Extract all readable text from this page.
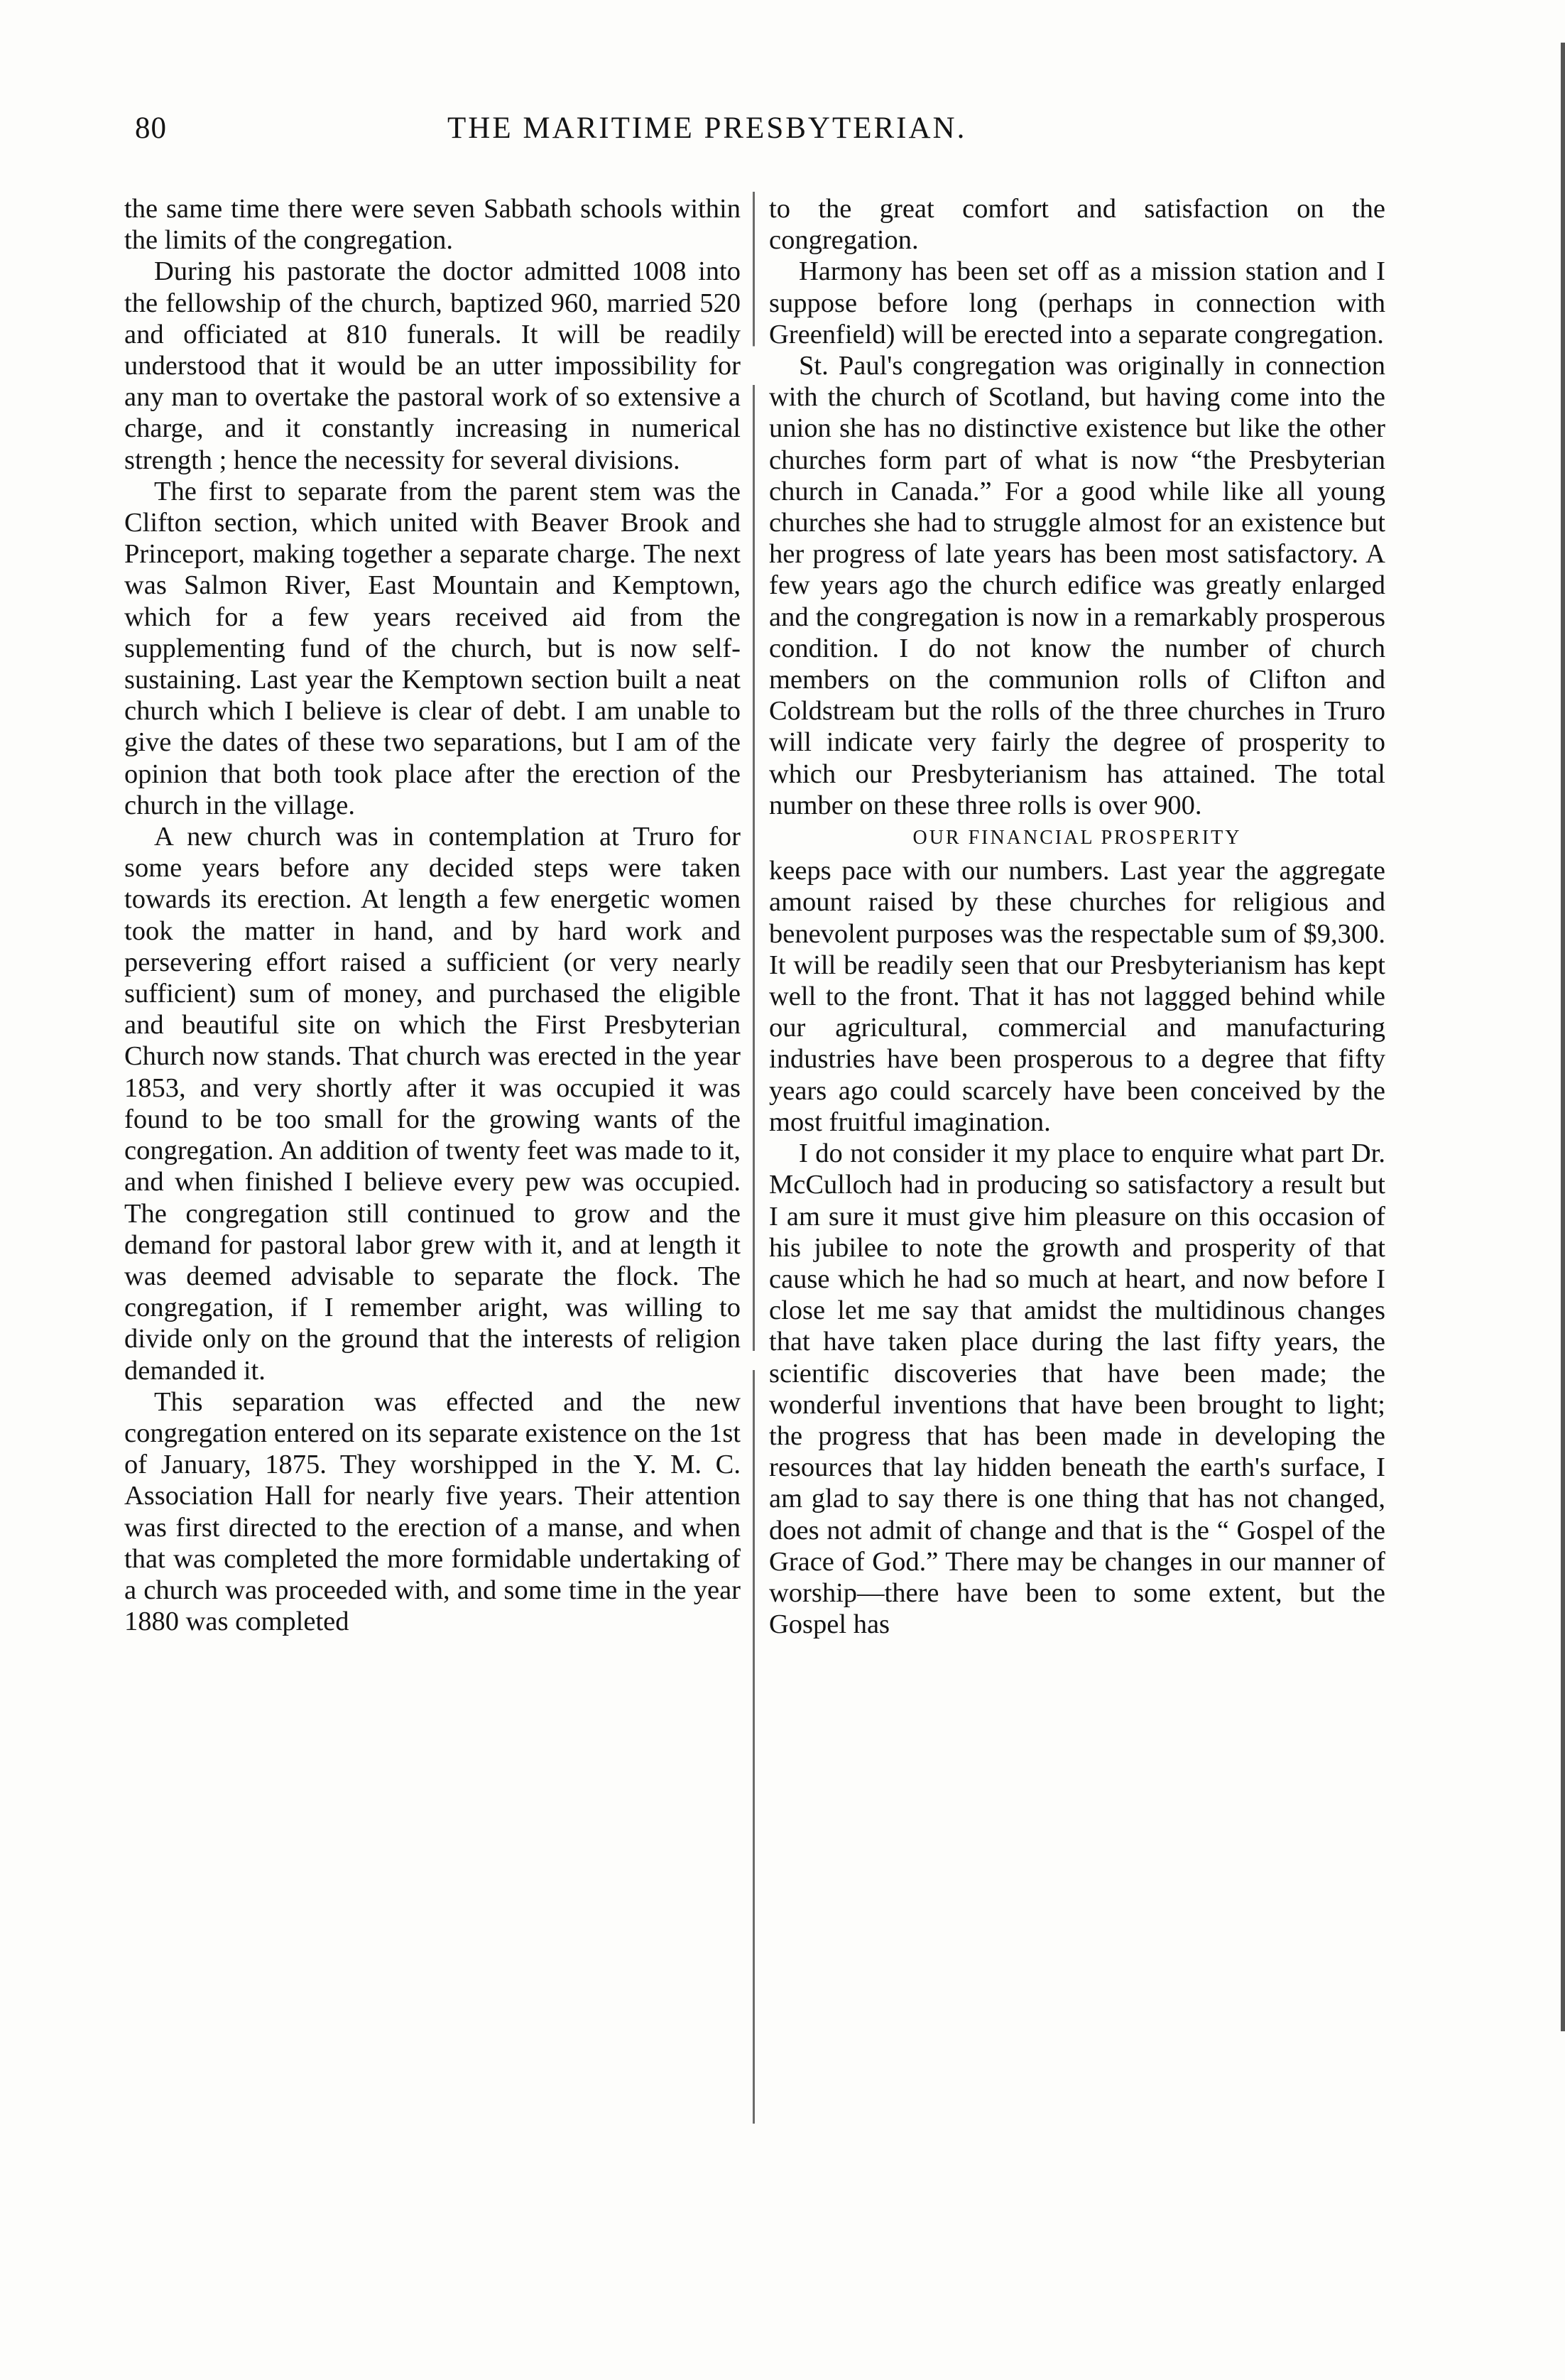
80	THE MARITIME PRESBYTERIAN.

the same time there were seven Sabbath schools within the limits of the congregation.

During his pastorate the doctor admitted 1008 into the fellowship of the church, baptized 960, married 520 and officiated at 810 funerals. It will be readily understood that it would be an utter impossibility for any man to overtake the pastoral work of so extensive a charge, and it constantly increasing in numerical strength ; hence the necessity for several divisions.

The first to separate from the parent stem was the Clifton section, which united with Beaver Brook and Princeport, making together a separate charge. The next was Salmon River, East Mountain and Kemptown, which for a few years received aid from the supplementing fund of the church, but is now self-sustaining. Last year the Kemptown section built a neat church which I believe is clear of debt. I am unable to give the dates of these two separations, but I am of the opinion that both took place after the erection of the church in the village.

A new church was in contemplation at Truro for some years before any decided steps were taken towards its erection. At length a few energetic women took the matter in hand, and by hard work and persevering effort raised a sufficient (or very nearly sufficient) sum of money, and purchased the eligible and beautiful site on which the First Presbyterian Church now stands. That church was erected in the year 1853, and very shortly after it was occupied it was found to be too small for the growing wants of the congregation. An addition of twenty feet was made to it, and when finished I believe every pew was occupied. The congregation still continued to grow and the demand for pastoral labor grew with it, and at length it was deemed advisable to separate the flock. The congregation, if I remember aright, was willing to divide only on the ground that the interests of religion demanded it.

This separation was effected and the new congregation entered on its separate existence on the 1st of January, 1875. They worshipped in the Y. M. C. Association Hall for nearly five years. Their attention was first directed to the erection of a manse, and when that was completed the more formidable undertaking of a church was proceeded with, and some time in the year 1880 was completed

to the great comfort and satisfaction on the congregation.

Harmony has been set off as a mission station and I suppose before long (perhaps in connection with Greenfield) will be erected into a separate congregation.

St. Paul's congregation was originally in connection with the church of Scotland, but having come into the union she has no distinctive existence but like the other churches form part of what is now “the Presbyterian church in Canada.” For a good while like all young churches she had to struggle almost for an existence but her progress of late years has been most satisfactory. A few years ago the church edifice was greatly enlarged and the congregation is now in a remarkably prosperous condition. I do not know the number of church members on the communion rolls of Clifton and Coldstream but the rolls of the three churches in Truro will indicate very fairly the degree of prosperity to which our Presbyterianism has attained. The total number on these three rolls is over 900.

OUR FINANCIAL PROSPERITY

keeps pace with our numbers. Last year the aggregate amount raised by these churches for religious and benevolent purposes was the respectable sum of $9,300. It will be readily seen that our Presbyterianism has kept well to the front. That it has not laggged behind while our agricultural, commercial and manufacturing industries have been prosperous to a degree that fifty years ago could scarcely have been conceived by the most fruitful imagination.

I do not consider it my place to enquire what part Dr. McCulloch had in producing so satisfactory a result but I am sure it must give him pleasure on this occasion of his jubilee to note the growth and prosperity of that cause which he had so much at heart, and now before I close let me say that amidst the multidinous changes that have taken place during the last fifty years, the scientific discoveries that have been made; the wonderful inventions that have been brought to light; the progress that has been made in developing the resources that lay hidden beneath the earth's surface, I am glad to say there is one thing that has not changed, does not admit of change and that is the “ Gospel of the Grace of God.” There may be changes in our manner of worship—there have been to some extent, but the Gospel has
